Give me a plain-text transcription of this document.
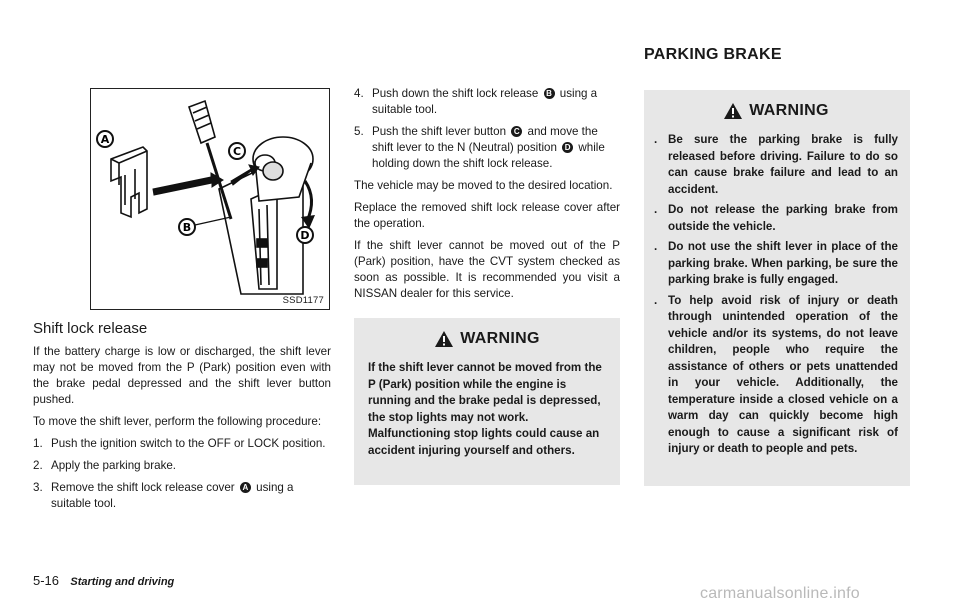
A
B
C
D
SSD1177
Shift lock release

If the battery charge is low or discharged, the shift lever may not be moved from the P (Park) position even with the brake pedal depressed and the shift lever button pushed.

To move the shift lever, perform the following procedure:

1. Push the ignition switch to the OFF or LOCK position.
2. Apply the parking brake.
3. Remove the shift lock release cover A using a suitable tool.
4. Push down the shift lock release B using a suitable tool.
5. Push the shift lever button C and move the shift lever to the N (Neutral) position D while holding down the shift lock release.

The vehicle may be moved to the desired location.

Replace the removed shift lock release cover after the operation.

If the shift lever cannot be moved out of the P (Park) position, have the CVT system checked as soon as possible. It is recommended you visit a NISSAN dealer for this service.

WARNING

If the shift lever cannot be moved from the P (Park) position while the engine is running and the brake pedal is depressed, the stop lights may not work. Malfunctioning stop lights could cause an accident injuring yourself and others.

PARKING BRAKE
WARNING
. Be sure the parking brake is fully released before driving. Failure to do so can cause brake failure and lead to an accident.
. Do not release the parking brake from outside the vehicle.
. Do not use the shift lever in place of the parking brake. When parking, be sure the parking brake is fully engaged.
. To help avoid risk of injury or death through unintended operation of the vehicle and/or its systems, do not leave children, people who require the assistance of others or pets unattended in your vehicle. Additionally, the temperature inside a closed vehicle on a warm day can quickly become high enough to cause a significant risk of injury or death to people and pets.
5-16 Starting and driving
carmanualsonline.info
